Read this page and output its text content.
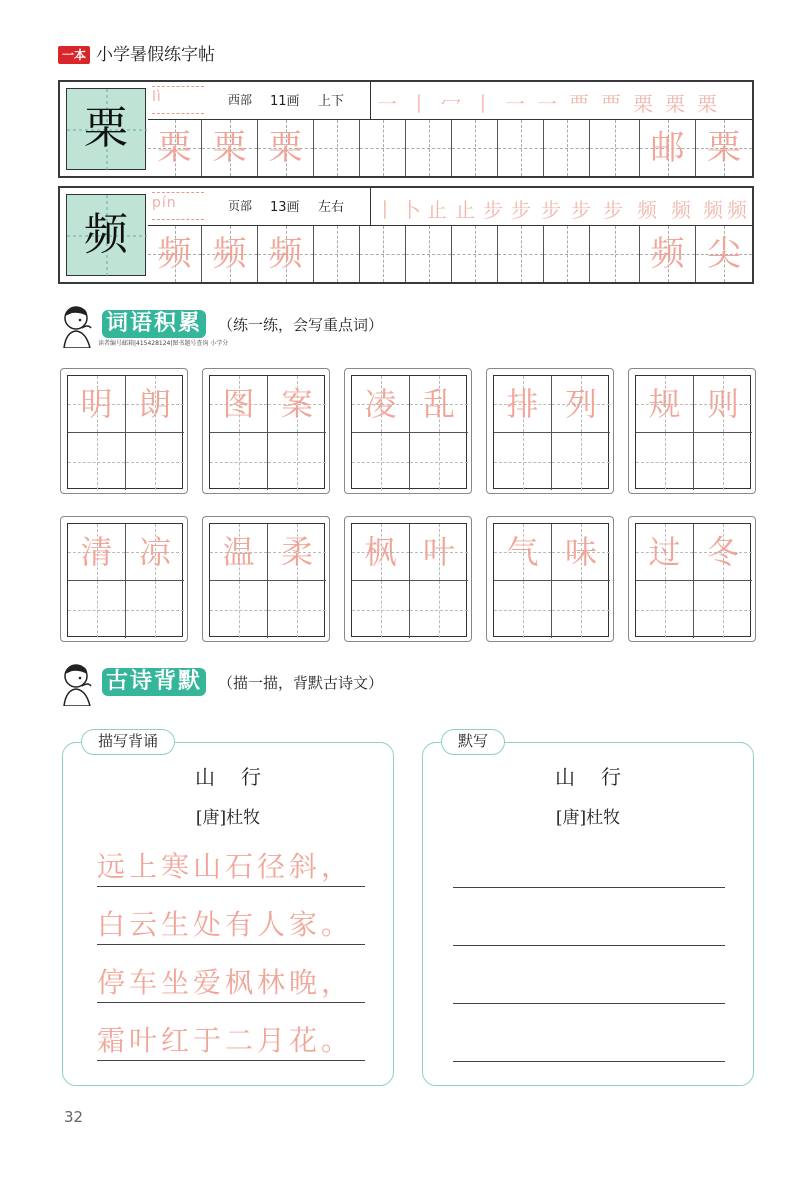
一本 小学暑假练字帖
栗
lì	西部 11画 上下 一 丨 冖 丨 一 一 覀 覀 栗 栗 栗
栗 栗 栗	邮 栗
频
pín	页部 13画 左右 丨 卜 止 止 步 步 步 步 步 频 频 频 频
频 频 频	频 尖
词语积累 （练一练，会写重点词）
读者编号邮箱|415428124|图书题号查询 小学分
明 朗	图 案	凌 乱	排 列	规 则
清 凉	温 柔	枫 叶	气 味	过 冬
古诗背默 （描一描，背默古诗文）
描写背诵
山行
[唐]杜牧
远上寒山石径斜，
白云生处有人家。
停车坐爱枫林晚，
霜叶红于二月花。
默写
山行
[唐]杜牧
32
